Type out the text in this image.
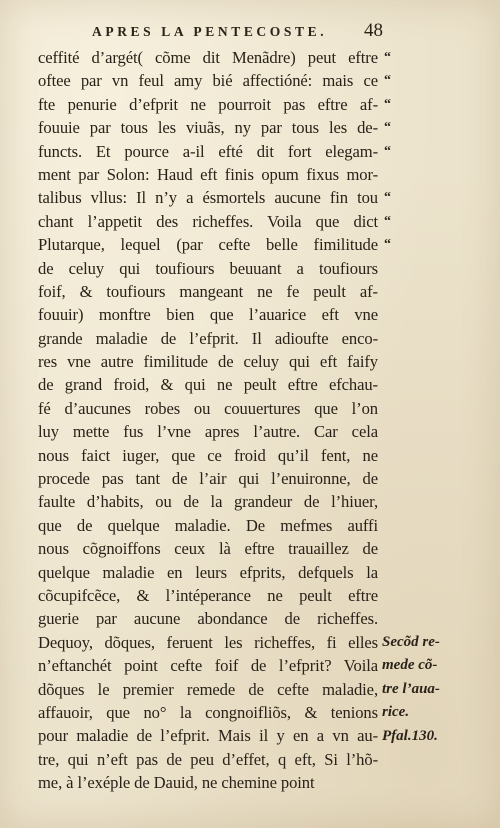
APRES LA PENTECOSTE. 48
ceffité d’argét( cõme dit Menãdre) peut eftre
oftee par vn feul amy bié affectióné: mais ce
fte penurie d’efprit ne pourroit pas eftre af-
fouuie par tous les viuãs, ny par tous les de-
functs. Et pource a-il efté dit fort elegam-
ment par Solon: Haud eft finis opum fixus mor-
talibus vllus: Il n’y a ésmortels aucune fin tou
chant l’appetit des richeffes. Voila que dict
Plutarque, lequel (par cefte belle fimilitude
de celuy qui toufiours beuuant a toufiours
foif, & toufiours mangeant ne fe peult af-
fouuir) monftre bien que l’auarice eft vne
grande maladie de l’efprit. Il adioufte enco-
res vne autre fimilitude de celuy qui eft faify
de grand froid, & qui ne peult eftre efchau-
fé d’aucunes robes ou couuertures que l’on
luy mette fus l’vne apres l’autre. Car cela
nous faict iuger, que ce froid qu’il fent, ne
procede pas tant de l’air qui l’enuironne, de
faulte d’habits, ou de la grandeur de l’hiuer,
que de quelque maladie. De mefmes auffi
nous cõgnoiffons ceux là eftre trauaillez de
quelque maladie en leurs efprits, defquels la
cõcupifcẽce, & l’intéperance ne peult eftre
guerie par aucune abondance de richeffes.
Dequoy, dõques, feruent les richeffes, fi elles
n’eftanchét point cefte foif de l’efprit? Voila
dõques le premier remede de cefte maladie,
affauoir, que no° la congnoifliõs, & tenions
pour maladie de l’efprit. Mais il y en a vn au-
tre, qui n’eft pas de peu d’effet, q eft, Si l’hõ-
me, à l’exéple de Dauid, ne chemine point
“
“
“
“
“
“
“
“
Secõd re-
mede cõ-
tre l’aua-
rice.
Pfal.130.
